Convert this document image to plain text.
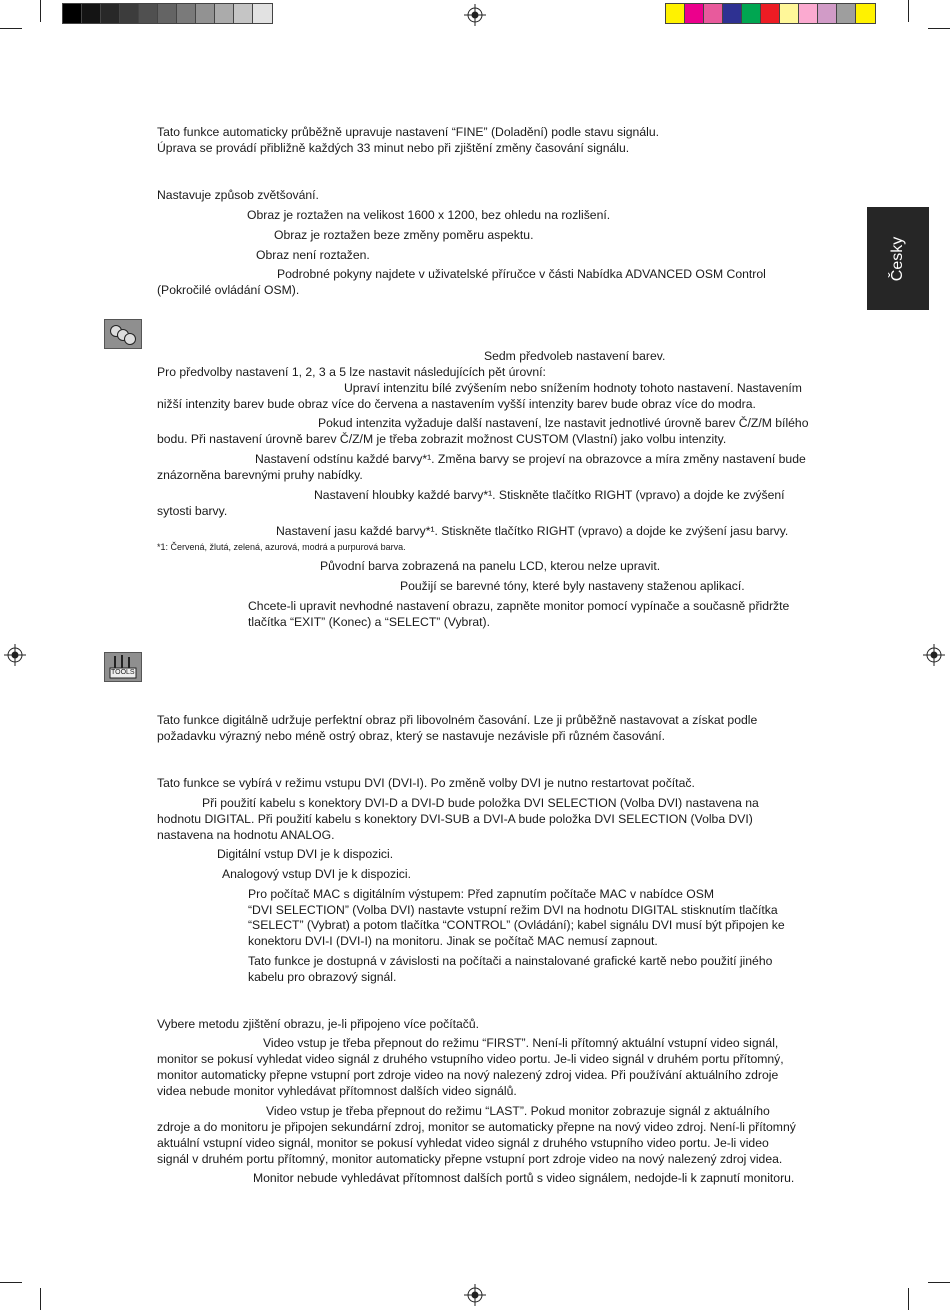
Česky
TOOLS

Tato funkce automaticky průběžně upravuje nastavení “FINE” (Doladění) podle stavu signálu.

Úprava se provádí přibližně každých 33 minut nebo při zjištění změny časování signálu.

Nastavuje způsob zvětšování.

Obraz je roztažen na velikost 1600 x 1200, bez ohledu na rozlišení.

Obraz je roztažen beze změny poměru aspektu.

Obraz není roztažen.

Podrobné pokyny najdete v uživatelské příručce v části Nabídka ADVANCED OSM Control

(Pokročilé ovládání OSM).

Sedm předvoleb nastavení barev.

Pro předvolby nastavení 1, 2, 3 a 5 lze nastavit následujících pět úrovní:

Upraví intenzitu bílé zvýšením nebo snížením hodnoty tohoto nastavení. Nastavením

nižší intenzity barev bude obraz více do červena a nastavením vyšší intenzity barev bude obraz více do modra.

Pokud intenzita vyžaduje další nastavení, lze nastavit jednotlivé úrovně barev Č/Z/M bílého

bodu. Při nastavení úrovně barev Č/Z/M je třeba zobrazit možnost CUSTOM (Vlastní) jako volbu intenzity.

Nastavení odstínu každé barvy*¹. Změna barvy se projeví na obrazovce a míra změny nastavení bude

znázorněna barevnými pruhy nabídky.

Nastavení hloubky každé barvy*¹. Stiskněte tlačítko RIGHT (vpravo) a dojde ke zvýšení

sytosti barvy.

Nastavení jasu každé barvy*¹. Stiskněte tlačítko RIGHT (vpravo) a dojde ke zvýšení jasu barvy.

*1: Červená, žlutá, zelená, azurová, modrá a purpurová barva.

Původní barva zobrazená na panelu LCD, kterou nelze upravit.

Použijí se barevné tóny, které byly nastaveny staženou aplikací.

Chcete-li upravit nevhodné nastavení obrazu, zapněte monitor pomocí vypínače a současně přidržte

tlačítka “EXIT” (Konec) a “SELECT” (Vybrat).

Tato funkce digitálně udržuje perfektní obraz při libovolném časování. Lze ji průběžně nastavovat a získat podle

požadavku výrazný nebo méně ostrý obraz, který se nastavuje nezávisle při různém časování.

Tato funkce se vybírá v režimu vstupu DVI (DVI-I). Po změně volby DVI je nutno restartovat počítač.

Při použití kabelu s konektory DVI-D a DVI-D bude položka DVI SELECTION (Volba DVI) nastavena na

hodnotu DIGITAL. Při použití kabelu s konektory DVI-SUB a DVI-A bude položka DVI SELECTION (Volba DVI)

nastavena na hodnotu ANALOG.

Digitální vstup DVI je k dispozici.

Analogový vstup DVI je k dispozici.

Pro počítač MAC s digitálním výstupem: Před zapnutím počítače MAC v nabídce OSM

“DVI SELECTION” (Volba DVI) nastavte vstupní režim DVI na hodnotu DIGITAL stisknutím tlačítka

“SELECT” (Vybrat) a potom tlačítka “CONTROL” (Ovládání); kabel signálu DVI musí být připojen ke

konektoru DVI-I (DVI-I) na monitoru. Jinak se počítač MAC nemusí zapnout.

Tato funkce je dostupná v závislosti na počítači a nainstalované grafické kartě nebo použití jiného

kabelu pro obrazový signál.

Vybere metodu zjištění obrazu, je-li připojeno více počítačů.

Video vstup je třeba přepnout do režimu “FIRST”. Není-li přítomný aktuální vstupní video signál,

monitor se pokusí vyhledat video signál z druhého vstupního video portu. Je-li video signál v druhém portu přítomný,

monitor automaticky přepne vstupní port zdroje video na nový nalezený zdroj videa. Při používání aktuálního zdroje

videa nebude monitor vyhledávat přítomnost dalších video signálů.

Video vstup je třeba přepnout do režimu “LAST”. Pokud monitor zobrazuje signál z aktuálního

zdroje a do monitoru je připojen sekundární zdroj, monitor se automaticky přepne na nový video zdroj. Není-li přítomný

aktuální vstupní video signál, monitor se pokusí vyhledat video signál z druhého vstupního video portu. Je-li video

signál v druhém portu přítomný, monitor automaticky přepne vstupní port zdroje video na nový nalezený zdroj videa.

Monitor nebude vyhledávat přítomnost dalších portů s video signálem, nedojde-li k zapnutí monitoru.
